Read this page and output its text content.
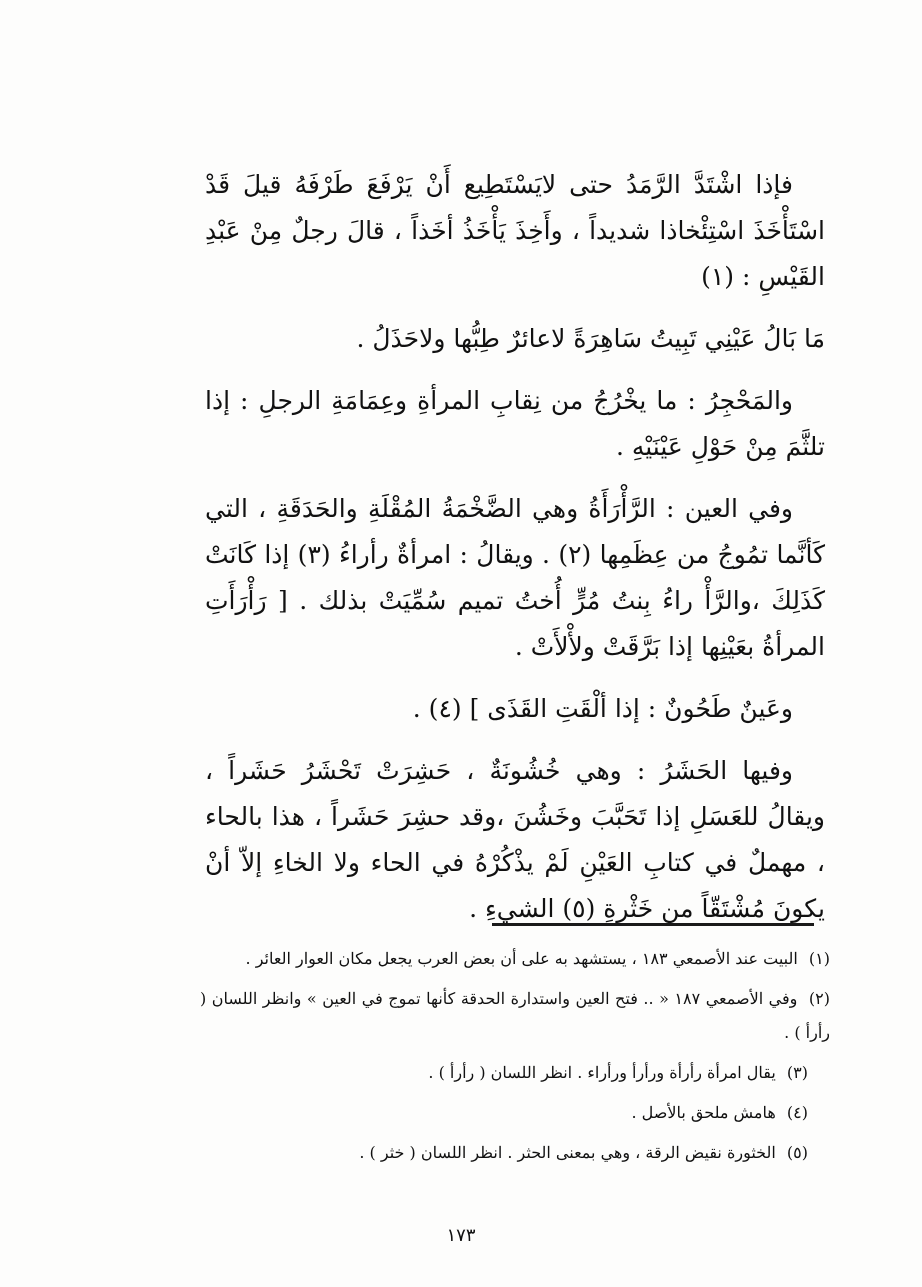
فإذا اشْتَدَّ الرَّمَدُ حتى لايَسْتَطِيع أَنْ يَرْفَعَ طَرْفَهُ قيلَ قَدْ اسْتَأْخَذَ اسْتِئْخاذا شديداً ، وأَخِذَ يَأْخَذُ أخَذاً ، قالَ رجلٌ مِنْ عَبْدِ القَيْسِ : (١)

مَا بَالُ عَيْنِي تَبِيتُ سَاهِرَةً لاعائرٌ طِبُّها ولاحَذَلُ .

والمَحْجِرُ : ما يخْرُجُ من نِقابِ المرأةِ وعِمَامَةِ الرجلِ : إذا تلثَّمَ مِنْ حَوْلِ عَيْنَيْهِ .

وفي العين : الرَّأْرَأَةُ وهي الضَّخْمَةُ المُقْلَةِ والحَدَقَةِ ، التي كَأنَّما تمُوجُ من عِظَمِها (٢) . ويقالُ : امرأةٌ رأراءُ (٣) إذا كَانَتْ كَذَلِكَ ،والرَّأْ راءُ بِنتُ مُرٍّ أُختُ تميم سُمِّيَتْ بذلك . [ رَأْرَأَتِ المرأةُ بعَيْنِها إذا بَرَّقَتْ ولأْلأَتْ .

وعَينٌ طَحُونٌ : إذا ألْقَتِ القَذَى ] (٤) .

وفيها الحَشَرُ : وهي خُشُونَةٌ ، حَشِرَتْ تَحْشَرُ حَشَراً ، ويقالُ للعَسَلِ إذا تَحَبَّبَ وخَشُنَ ،وقد حشِرَ حَشَراً ، هذا بالحاء ، مهملٌ في كتابِ العَيْنِ لَمْ يذْكُرْهُ في الحاء ولا الخاءِ إلاّ أنْ يكونَ مُشْتَقّاً من خَثْرةِ (٥) الشيءِ .

(١) البيت عند الأصمعي ١٨٣ ، يستشهد به على أن بعض العرب يجعل مكان العوار العائر .

(٢) وفي الأصمعي ١٨٧ « .. فتح العين واستدارة الحدقة كأنها تموج في العين » وانظر اللسان ( رأرأ ) .

(٣) يقال امرأة رأرأة ورأرأ ورأراء . انظر اللسان ( رأرأ ) .

(٤) هامش ملحق بالأصل .

(٥) الخثورة نقيض الرقة ، وهي بمعنى الحثر . انظر اللسان ( خثر ) .

١٧٣
